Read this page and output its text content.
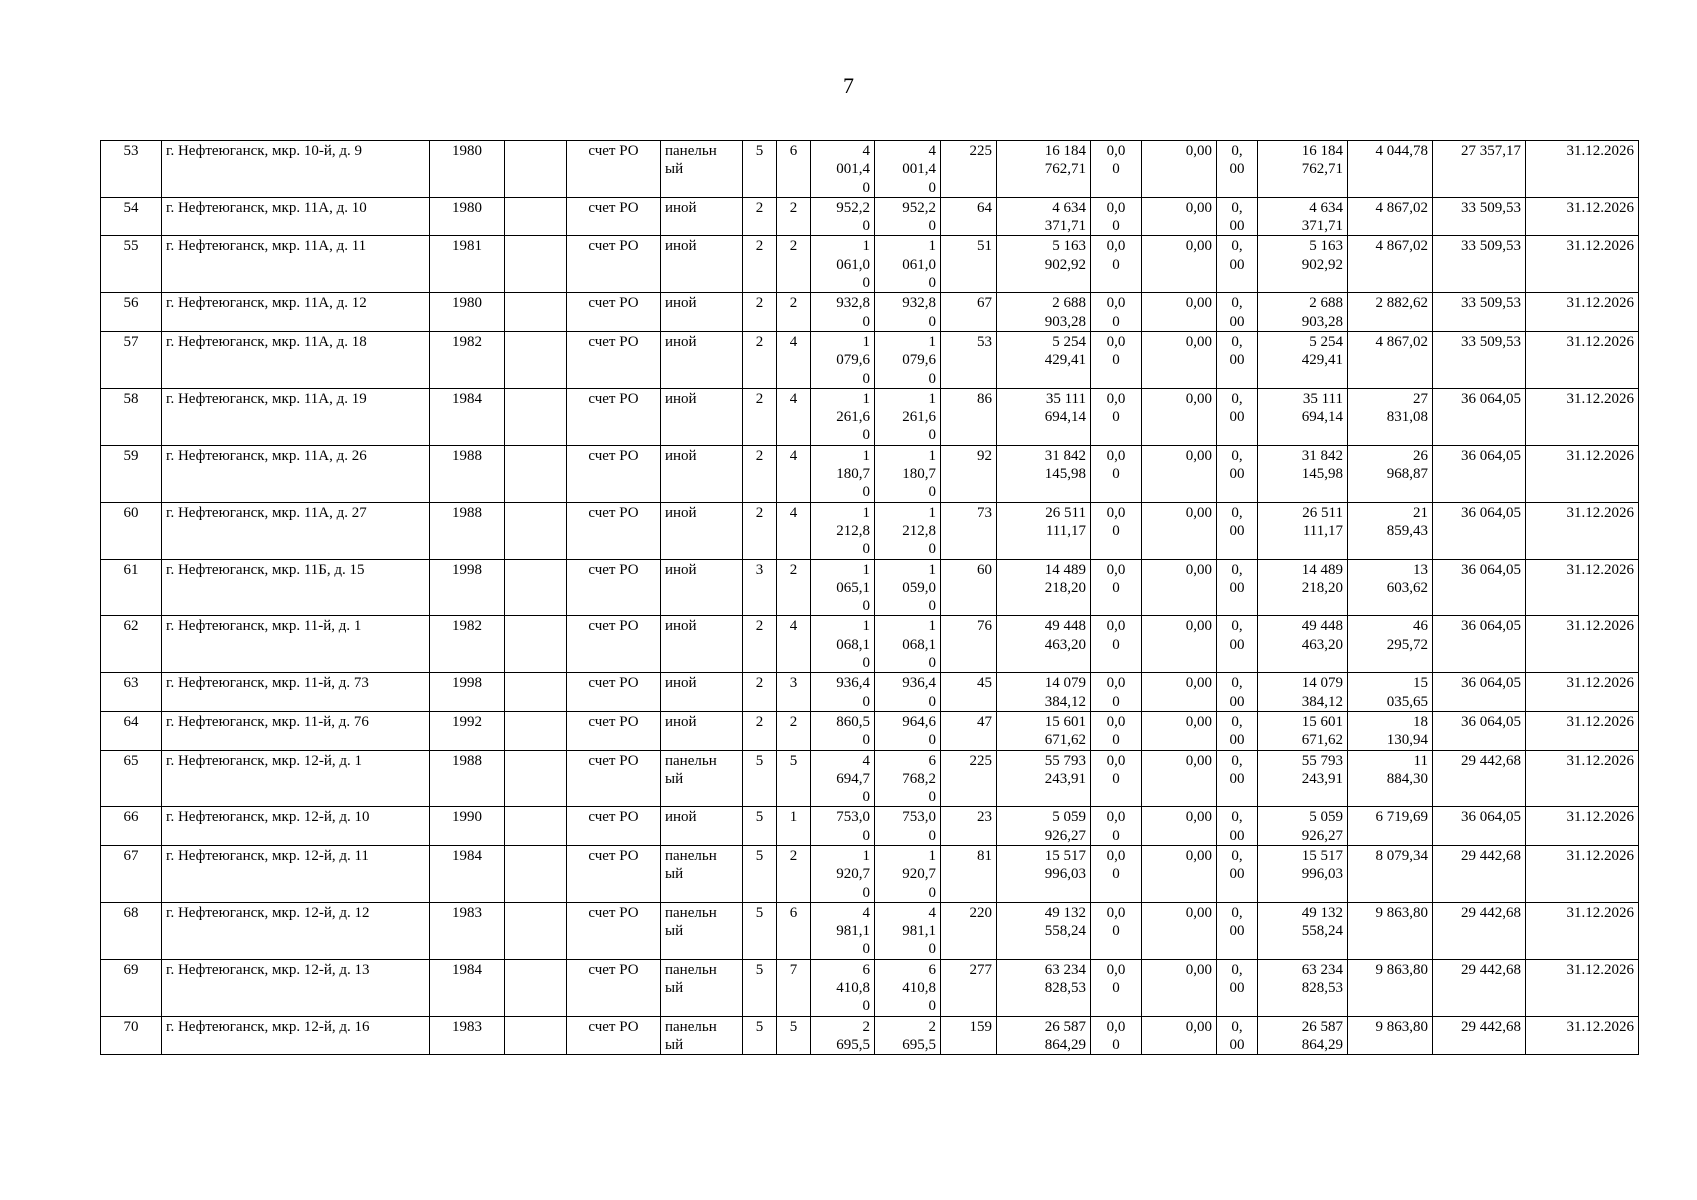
7
53	г. Нефтеюганск, мкр. 10-й, д. 9	1980		счет РО	панельн
ый	5	6	4
001,4
0	4
001,4
0	225	16 184
762,71	0,0
0	0,00	0,
00	16 184
762,71	4 044,78	27 357,17	31.12.2026
54	г. Нефтеюганск, мкр. 11А, д. 10	1980		счет РО	иной	2	2	952,2
0	952,2
0	64	4 634
371,71	0,0
0	0,00	0,
00	4 634
371,71	4 867,02	33 509,53	31.12.2026
55	г. Нефтеюганск, мкр. 11А, д. 11	1981		счет РО	иной	2	2	1
061,0
0	1
061,0
0	51	5 163
902,92	0,0
0	0,00	0,
00	5 163
902,92	4 867,02	33 509,53	31.12.2026
56	г. Нефтеюганск, мкр. 11А, д. 12	1980		счет РО	иной	2	2	932,8
0	932,8
0	67	2 688
903,28	0,0
0	0,00	0,
00	2 688
903,28	2 882,62	33 509,53	31.12.2026
57	г. Нефтеюганск, мкр. 11А, д. 18	1982		счет РО	иной	2	4	1
079,6
0	1
079,6
0	53	5 254
429,41	0,0
0	0,00	0,
00	5 254
429,41	4 867,02	33 509,53	31.12.2026
58	г. Нефтеюганск, мкр. 11А, д. 19	1984		счет РО	иной	2	4	1
261,6
0	1
261,6
0	86	35 111
694,14	0,0
0	0,00	0,
00	35 111
694,14	27
831,08	36 064,05	31.12.2026
59	г. Нефтеюганск, мкр. 11А, д. 26	1988		счет РО	иной	2	4	1
180,7
0	1
180,7
0	92	31 842
145,98	0,0
0	0,00	0,
00	31 842
145,98	26
968,87	36 064,05	31.12.2026
60	г. Нефтеюганск, мкр. 11А, д. 27	1988		счет РО	иной	2	4	1
212,8
0	1
212,8
0	73	26 511
111,17	0,0
0	0,00	0,
00	26 511
111,17	21
859,43	36 064,05	31.12.2026
61	г. Нефтеюганск, мкр. 11Б, д. 15	1998		счет РО	иной	3	2	1
065,1
0	1
059,0
0	60	14 489
218,20	0,0
0	0,00	0,
00	14 489
218,20	13
603,62	36 064,05	31.12.2026
62	г. Нефтеюганск, мкр. 11-й, д. 1	1982		счет РО	иной	2	4	1
068,1
0	1
068,1
0	76	49 448
463,20	0,0
0	0,00	0,
00	49 448
463,20	46
295,72	36 064,05	31.12.2026
63	г. Нефтеюганск, мкр. 11-й, д. 73	1998		счет РО	иной	2	3	936,4
0	936,4
0	45	14 079
384,12	0,0
0	0,00	0,
00	14 079
384,12	15
035,65	36 064,05	31.12.2026
64	г. Нефтеюганск, мкр. 11-й, д. 76	1992		счет РО	иной	2	2	860,5
0	964,6
0	47	15 601
671,62	0,0
0	0,00	0,
00	15 601
671,62	18
130,94	36 064,05	31.12.2026
65	г. Нефтеюганск, мкр. 12-й, д. 1	1988		счет РО	панельн
ый	5	5	4
694,7
0	6
768,2
0	225	55 793
243,91	0,0
0	0,00	0,
00	55 793
243,91	11
884,30	29 442,68	31.12.2026
66	г. Нефтеюганск, мкр. 12-й, д. 10	1990		счет РО	иной	5	1	753,0
0	753,0
0	23	5 059
926,27	0,0
0	0,00	0,
00	5 059
926,27	6 719,69	36 064,05	31.12.2026
67	г. Нефтеюганск, мкр. 12-й, д. 11	1984		счет РО	панельн
ый	5	2	1
920,7
0	1
920,7
0	81	15 517
996,03	0,0
0	0,00	0,
00	15 517
996,03	8 079,34	29 442,68	31.12.2026
68	г. Нефтеюганск, мкр. 12-й, д. 12	1983		счет РО	панельн
ый	5	6	4
981,1
0	4
981,1
0	220	49 132
558,24	0,0
0	0,00	0,
00	49 132
558,24	9 863,80	29 442,68	31.12.2026
69	г. Нефтеюганск, мкр. 12-й, д. 13	1984		счет РО	панельн
ый	5	7	6
410,8
0	6
410,8
0	277	63 234
828,53	0,0
0	0,00	0,
00	63 234
828,53	9 863,80	29 442,68	31.12.2026
70	г. Нефтеюганск, мкр. 12-й, д. 16	1983		счет РО	панельн
ый	5	5	2
695,5	2
695,5	159	26 587
864,29	0,0
0	0,00	0,
00	26 587
864,29	9 863,80	29 442,68	31.12.2026
